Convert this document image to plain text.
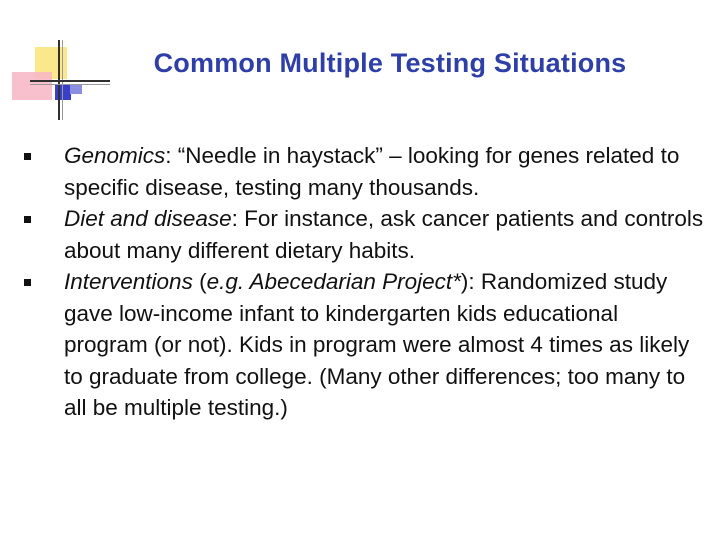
Common Multiple Testing Situations
Genomics: “Needle in haystack” – looking for genes related to specific disease, testing many thousands.
Diet and disease: For instance, ask cancer patients and controls about many different dietary habits.
Interventions (e.g. Abecedarian Project*): Randomized study gave low-income infant to kindergarten kids educational program (or not). Kids in program were almost 4 times as likely to graduate from college. (Many other differences; too many to all be multiple testing.)
